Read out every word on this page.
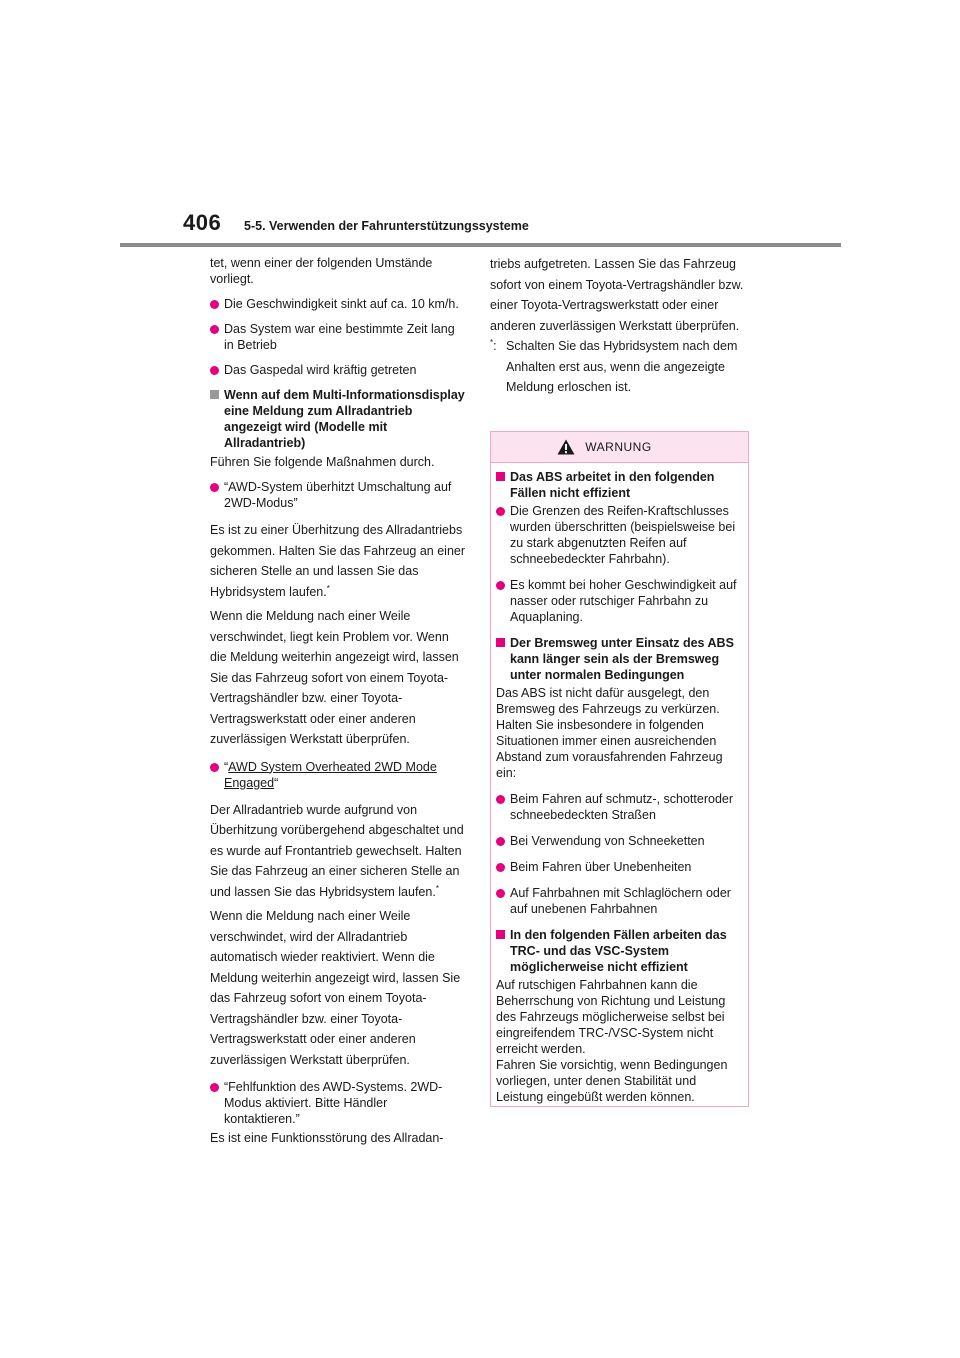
406 5-5. Verwenden der Fahrunterstützungssysteme

tet, wenn einer der folgenden Umstände vorliegt.

Die Geschwindigkeit sinkt auf ca. 10 km/h.
Das System war eine bestimmte Zeit lang in Betrieb
Das Gaspedal wird kräftig getreten
Wenn auf dem Multi-Informationsdisplay eine Meldung zum Allradantrieb angezeigt wird (Modelle mit Allradantrieb)

Führen Sie folgende Maßnahmen durch.

“AWD-System überhitzt Umschaltung auf 2WD-Modus”

Es ist zu einer Überhitzung des Allradantriebs gekommen. Halten Sie das Fahrzeug an einer sicheren Stelle an und lassen Sie das Hybridsystem laufen.*

Wenn die Meldung nach einer Weile verschwindet, liegt kein Problem vor. Wenn die Meldung weiterhin angezeigt wird, lassen Sie das Fahrzeug sofort von einem Toyota-Vertragshändler bzw. einer Toyota-Vertragswerkstatt oder einer anderen zuverlässigen Werkstatt überprüfen.

“AWD System Overheated 2WD Mode Engaged“

Der Allradantrieb wurde aufgrund von Überhitzung vorübergehend abgeschaltet und es wurde auf Frontantrieb gewechselt. Halten Sie das Fahrzeug an einer sicheren Stelle an und lassen Sie das Hybridsystem laufen.*

Wenn die Meldung nach einer Weile verschwindet, wird der Allradantrieb automatisch wieder reaktiviert. Wenn die Meldung weiterhin angezeigt wird, lassen Sie das Fahrzeug sofort von einem Toyota-Vertragshändler bzw. einer Toyota-Vertragswerkstatt oder einer anderen zuverlässigen Werkstatt überprüfen.

“Fehlfunktion des AWD-Systems. 2WD-Modus aktiviert. Bitte Händler kontaktieren.”

Es ist eine Funktionsstörung des Allradan-

triebs aufgetreten. Lassen Sie das Fahrzeug sofort von einem Toyota-Vertragshändler bzw. einer Toyota-Vertragswerkstatt oder einer anderen zuverlässigen Werkstatt überprüfen.

*: Schalten Sie das Hybridsystem nach dem Anhalten erst aus, wenn die angezeigte Meldung erloschen ist.
WARNUNG
Das ABS arbeitet in den folgenden Fällen nicht effizient
Die Grenzen des Reifen-Kraftschlusses wurden überschritten (beispielsweise bei zu stark abgenutzten Reifen auf schneebedeckter Fahrbahn).
Es kommt bei hoher Geschwindigkeit auf nasser oder rutschiger Fahrbahn zu Aquaplaning.
Der Bremsweg unter Einsatz des ABS kann länger sein als der Bremsweg unter normalen Bedingungen

Das ABS ist nicht dafür ausgelegt, den Bremsweg des Fahrzeugs zu verkürzen. Halten Sie insbesondere in folgenden Situationen immer einen ausreichenden Abstand zum vorausfahrenden Fahrzeug ein:

Beim Fahren auf schmutz-, schotteroder schneebedeckten Straßen
Bei Verwendung von Schneeketten
Beim Fahren über Unebenheiten
Auf Fahrbahnen mit Schlaglöchern oder auf unebenen Fahrbahnen
In den folgenden Fällen arbeiten das TRC- und das VSC-System möglicherweise nicht effizient

Auf rutschigen Fahrbahnen kann die Beherrschung von Richtung und Leistung des Fahrzeugs möglicherweise selbst bei eingreifendem TRC-/VSC-System nicht erreicht werden.

Fahren Sie vorsichtig, wenn Bedingungen vorliegen, unter denen Stabilität und Leistung eingebüßt werden können.
